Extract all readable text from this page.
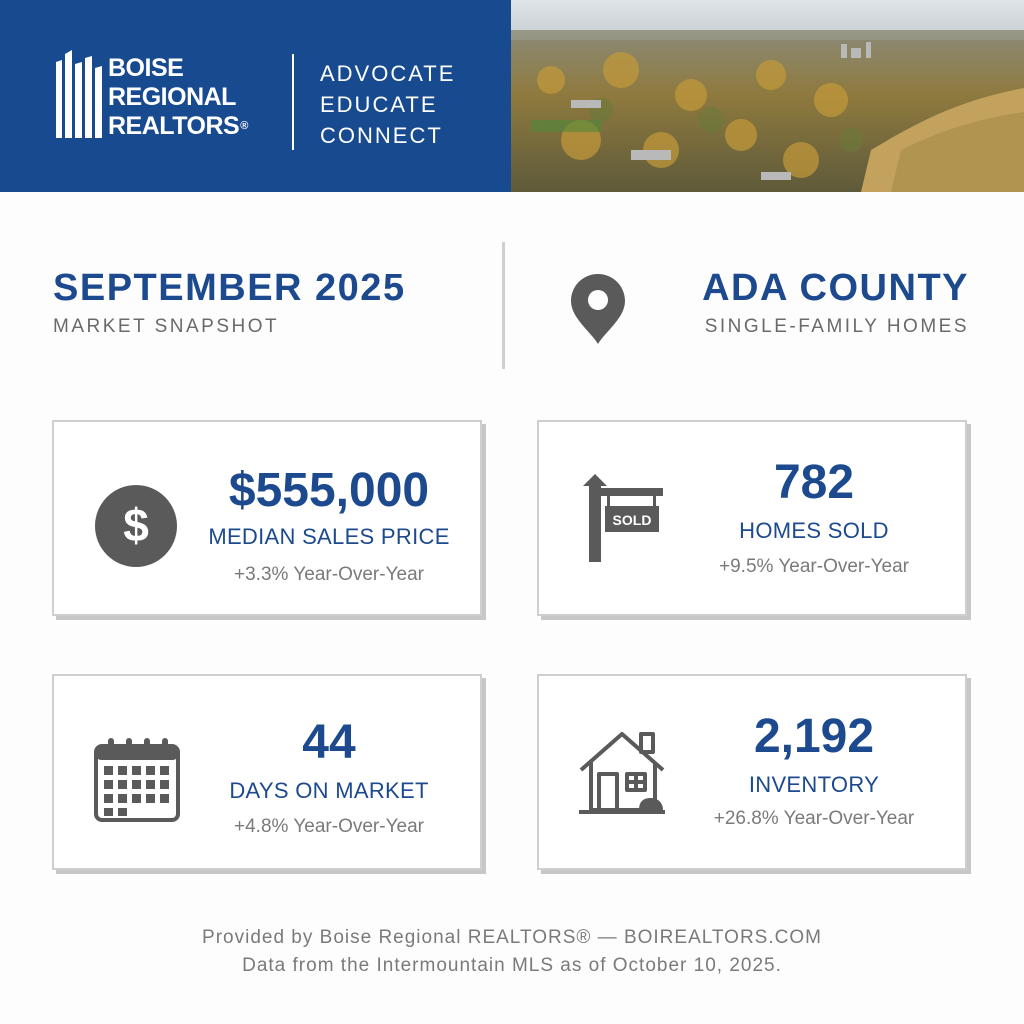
BOISE
REGIONAL
REALTORS®
ADVOCATE
EDUCATE
CONNECT
SEPTEMBER 2025
MARKET SNAPSHOT
ADA COUNTY
SINGLE-FAMILY HOMES
$
$555,000
MEDIAN SALES PRICE
+3.3% Year-Over-Year
SOLD
782
HOMES SOLD
+9.5% Year-Over-Year
44
DAYS ON MARKET
+4.8% Year-Over-Year
2,192
INVENTORY
+26.8% Year-Over-Year
Provided by Boise Regional REALTORS® — BOIREALTORS.COM
Data from the Intermountain MLS as of October 10, 2025.
